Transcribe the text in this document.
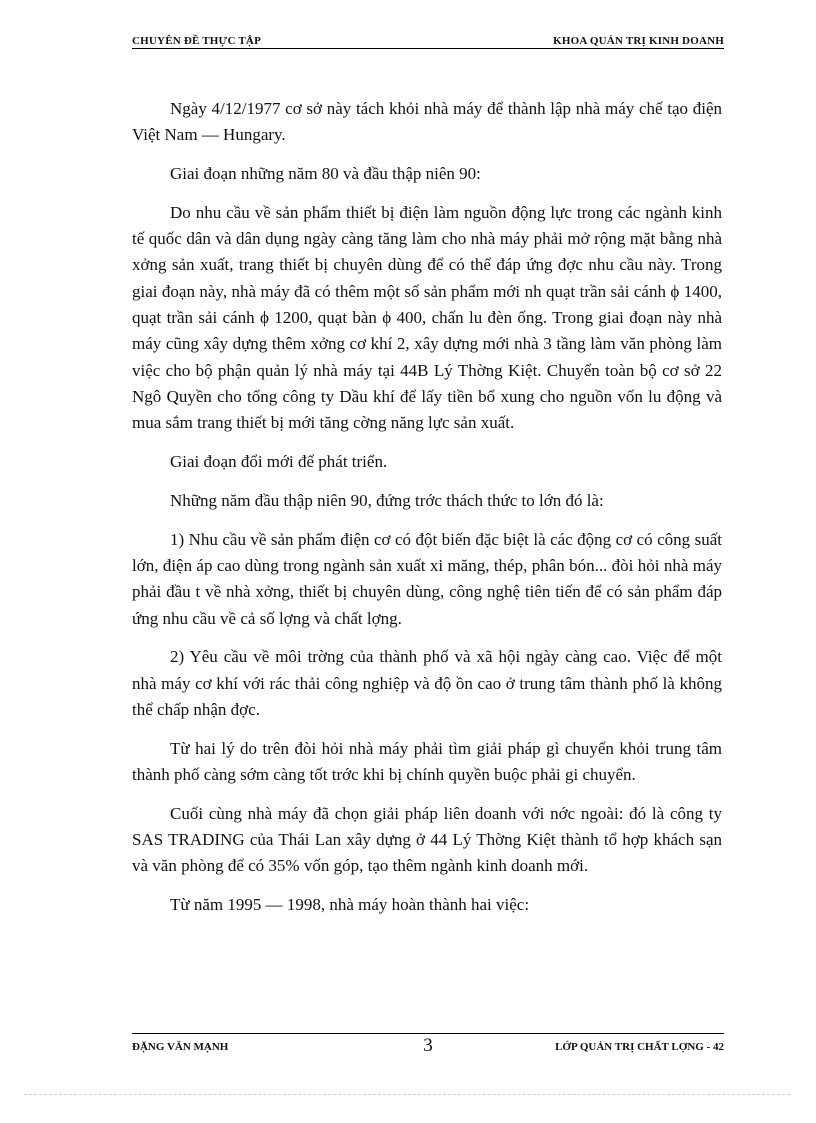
CHUYÊN ĐỀ THỰC TẬP	KHOA QUẢN TRỊ KINH DOANH

Ngày 4/12/1977 cơ sở này tách khỏi nhà máy để thành lập nhà máy chế tạo điện Việt Nam — Hungary.

Giai đoạn những năm 80 và đầu thập niên 90:

Do nhu cầu về sản phẩm thiết bị điện làm nguồn động lực trong các ngành kinh tế quốc dân và dân dụng ngày càng tăng làm cho nhà máy phải mở rộng mặt bằng nhà xởng sản xuất, trang thiết bị chuyên dùng để có thể đáp ứng đợc nhu cầu này. Trong giai đoạn này, nhà máy đã có thêm một số sản phẩm mới nh quạt trần sải cánh ϕ 1400, quạt trần sải cánh ϕ 1200, quạt bàn ϕ 400, chấn lu đèn ống. Trong giai đoạn này nhà máy cũng xây dựng thêm xởng cơ khí 2, xây dựng mới nhà 3 tầng làm văn phòng làm việc cho bộ phận quản lý nhà máy tại 44B Lý Thờng Kiệt. Chuyển toàn bộ cơ sở 22 Ngô Quyền cho tổng công ty Dầu khí để lấy tiền bổ xung cho nguồn vốn lu động và mua sắm trang thiết bị mới tăng cờng năng lực sản xuất.

Giai đoạn đổi mới để phát triển.

Những năm đầu thập niên 90, đứng trớc thách thức to lớn đó là:

1) Nhu cầu về sản phẩm điện cơ có đột biến đặc biệt là các động cơ có công suất lớn, điện áp cao dùng trong ngành sản xuất xi măng, thép, phân bón... đòi hỏi nhà máy phải đầu t về nhà xởng, thiết bị chuyên dùng, công nghệ tiên tiến để có sản phẩm đáp ứng nhu cầu về cả số lợng và chất lợng.

2) Yêu cầu về môi trờng của thành phố và xã hội ngày càng cao. Việc để một nhà máy cơ khí với rác thải công nghiệp và độ ồn cao ở trung tâm thành phố là không thể chấp nhận đợc.

Từ hai lý do trên đòi hỏi nhà máy phải tìm giải pháp gì chuyển khỏi trung tâm thành phố càng sớm càng tốt trớc khi bị chính quyền buộc phải gi chuyển.

Cuối cùng nhà máy đã chọn giải pháp liên doanh với nớc ngoài: đó là công ty SAS TRADING của Thái Lan xây dựng ở 44 Lý Thờng Kiệt thành tổ hợp khách sạn và văn phòng để có 35% vốn góp, tạo thêm ngành kinh doanh mới.

Từ năm 1995 — 1998, nhà máy hoàn thành hai việc:

ĐẶNG VĂN MẠNH	3	LỚP QUẢN TRỊ CHẤT LỢNG - 42
